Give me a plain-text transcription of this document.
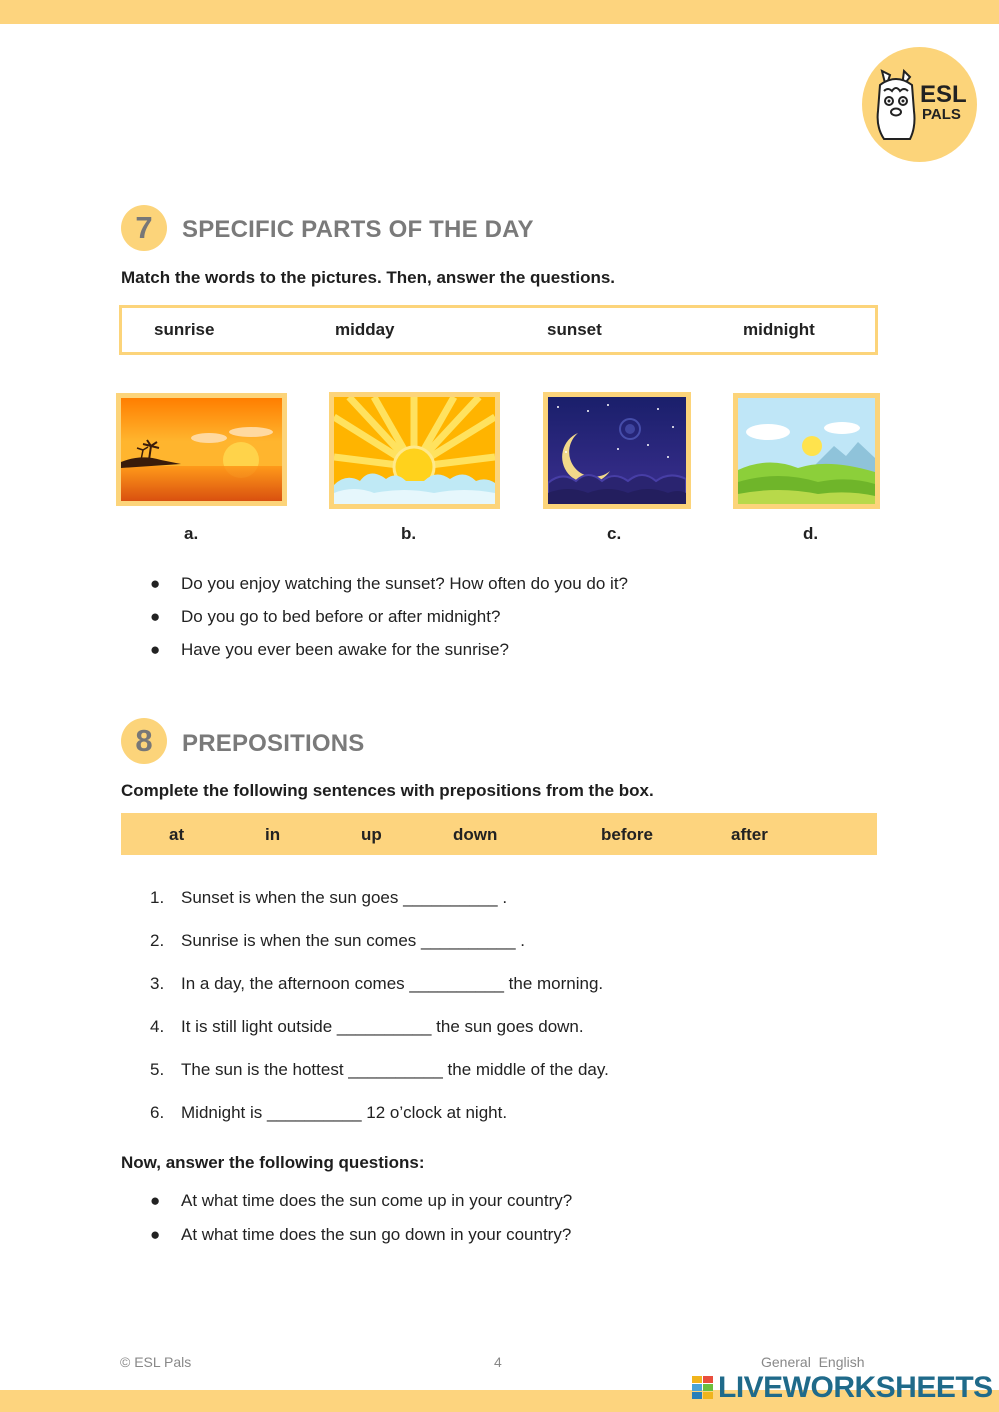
ESL
PALS
7	SPECIFIC PARTS OF THE DAY
Match the words to the pictures. Then, answer the questions.
sunrise	midday	sunset	midnight
a.	b.	c.	d.
●	Do you enjoy watching the sunset? How often do you do it?
●	Do you go to bed before or after midnight?
●	Have you ever been awake for the sunrise?
8	PREPOSITIONS
Complete the following sentences with prepositions from the box.
at	in	up	down	before	after
1. Sunset is when the sun goes __________ .
2. Sunrise is when the sun comes __________ .
3. In a day, the afternoon comes __________ the morning.
4. It is still light outside __________ the sun goes down.
5. The sun is the hottest __________ the middle of the day.
6. Midnight is __________ 12 o’clock at night.
Now, answer the following questions:
●	At what time does the sun come up in your country?
●	At what time does the sun go down in your country?
© ESL Pals	4	General  English
LIVEWORKSHEETS
